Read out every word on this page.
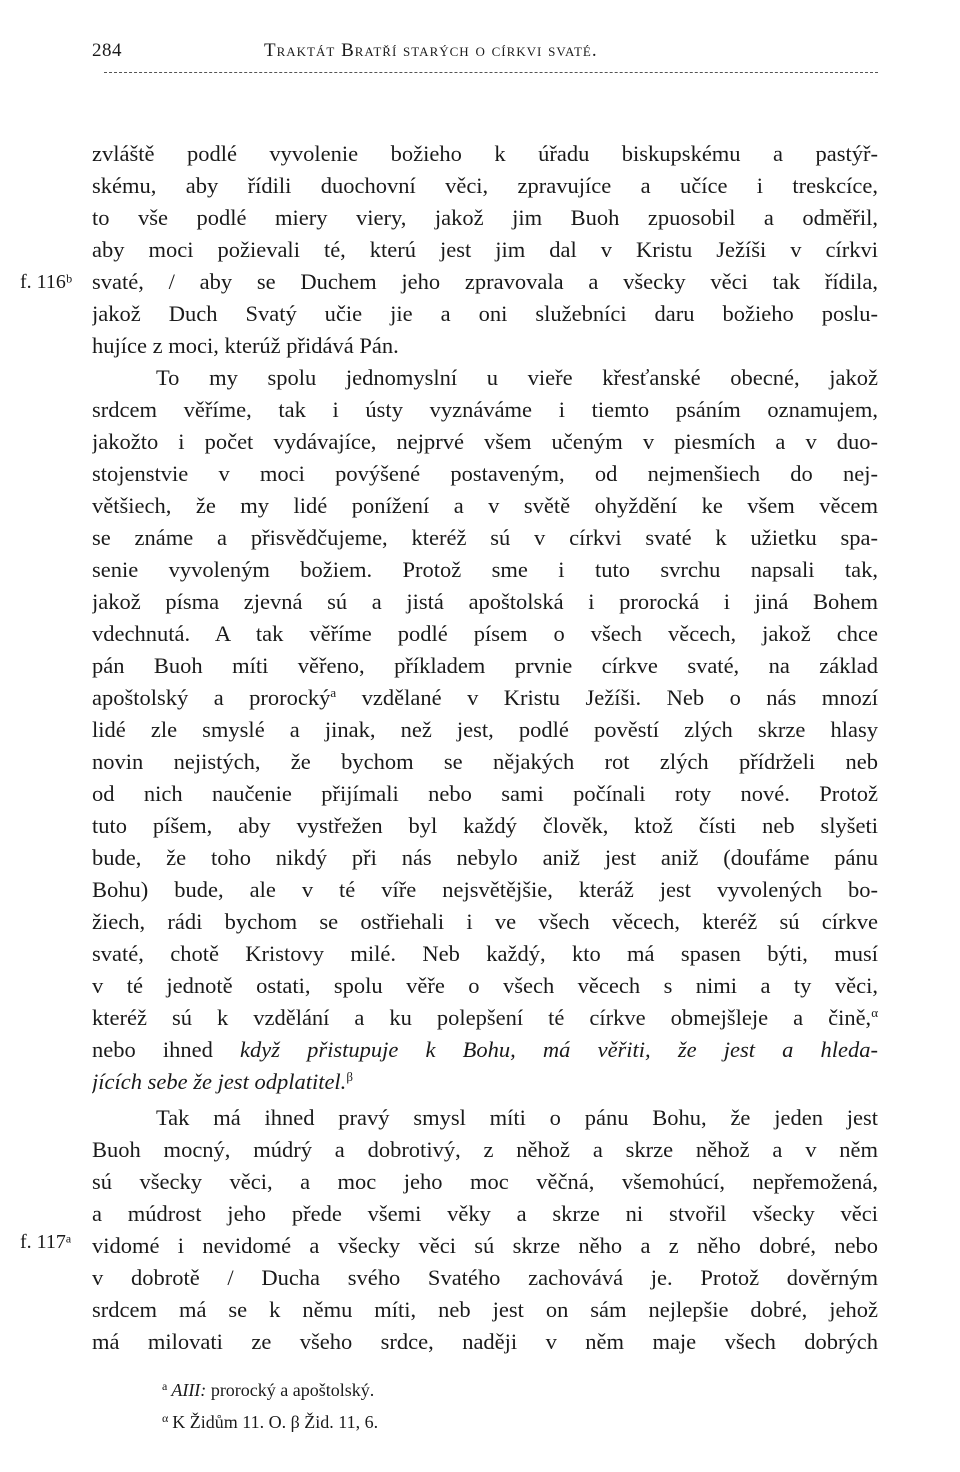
284	Traktát Bratří starých o církvi svaté.
f. 116ᵇ
f. 117ᵃ
zvláště podlé vyvolenie božieho k úřadu biskupskému a pastýř-
skému, aby řídili duochovní věci, zpravujíce a učíce i treskcíce,
to vše podlé miery viery, jakož jim Buoh zpuosobil a odměřil,
aby moci požievali té, kterú jest jim dal v Kristu Ježíši v církvi
svaté, / aby se Duchem jeho zpravovala a všecky věci tak řídila,
jakož Duch Svatý učie jie a oni služebníci daru božieho poslu-
hujíce z moci, kterúž přidává Pán.
To my spolu jednomyslní u vieře křesťanské obecné, jakož
srdcem věříme, tak i ústy vyznáváme i tiemto psáním oznamujem,
jakožto i počet vydávajíce, nejprvé všem učeným v piesmích a v duo-
stojenstvie v moci povýšené postaveným, od nejmenšiech do nej-
většiech, že my lidé ponížení a v světě ohyždění ke všem věcem
se známe a přisvědčujeme, kteréž sú v církvi svaté k užietku spa-
senie vyvoleným božiem. Protož sme i tuto svrchu napsali tak,
jakož písma zjevná sú a jistá apoštolská i prorocká i jiná Bohem
vdechnutá. A tak věříme podlé písem o všech věcech, jakož chce
pán Buoh míti věřeno, příkladem prvnie církve svaté, na základ
apoštolský a prorocký$^a$ vzdělané v Kristu Ježíši. Neb o nás mnozí
lidé zle smyslé a jinak, než jest, podlé pověstí zlých skrze hlasy
novin nejistých, že bychom se nějakých rot zlých přídrželi neb
od nich naučenie přijímali nebo sami počínali roty nové. Protož
tuto píšem, aby vystřežen byl každý člověk, ktož čísti neb slyšeti
bude, že toho nikdý při nás nebylo aniž jest aniž (doufáme pánu
Bohu) bude, ale v té víře nejsvětějšie, kteráž jest vyvolených bo-
žiech, rádi bychom se ostřiehali i ve všech věcech, kteréž sú církve
svaté, chotě Kristovy milé. Neb každý, kto má spasen býti, musí
v té jednotě ostati, spolu věře o všech věcech s nimi a ty věci,
kteréž sú k vzdělání a ku polepšení té církve obmejšleje a čině,$^\alpha$
nebo ihned když přistupuje k Bohu, má věřiti, že jest a hleda-
jících sebe že jest odplatitel.$^\beta$
Tak má ihned pravý smysl míti o pánu Bohu, že jeden jest
Buoh mocný, múdrý a dobrotivý, z něhož a skrze něhož a v něm
sú všecky věci, a moc jeho moc věčná, všemohúcí, nepřemožená,
a múdrost jeho přede všemi věky a skrze ni stvořil všecky věci
vidomé i nevidomé a všecky věci sú skrze něho a z něho dobré, nebo
v dobrotě / Ducha svého Svatého zachovává je. Protož dověrným
srdcem má se k němu míti, neb jest on sám nejlepšie dobré, jehož
má milovati ze všeho srdce, naději v něm maje všech dobrých
$^a$ AIII: prorocký a apoštolský.
$^\alpha$ K Židům 11. O. β Žid. 11, 6.
